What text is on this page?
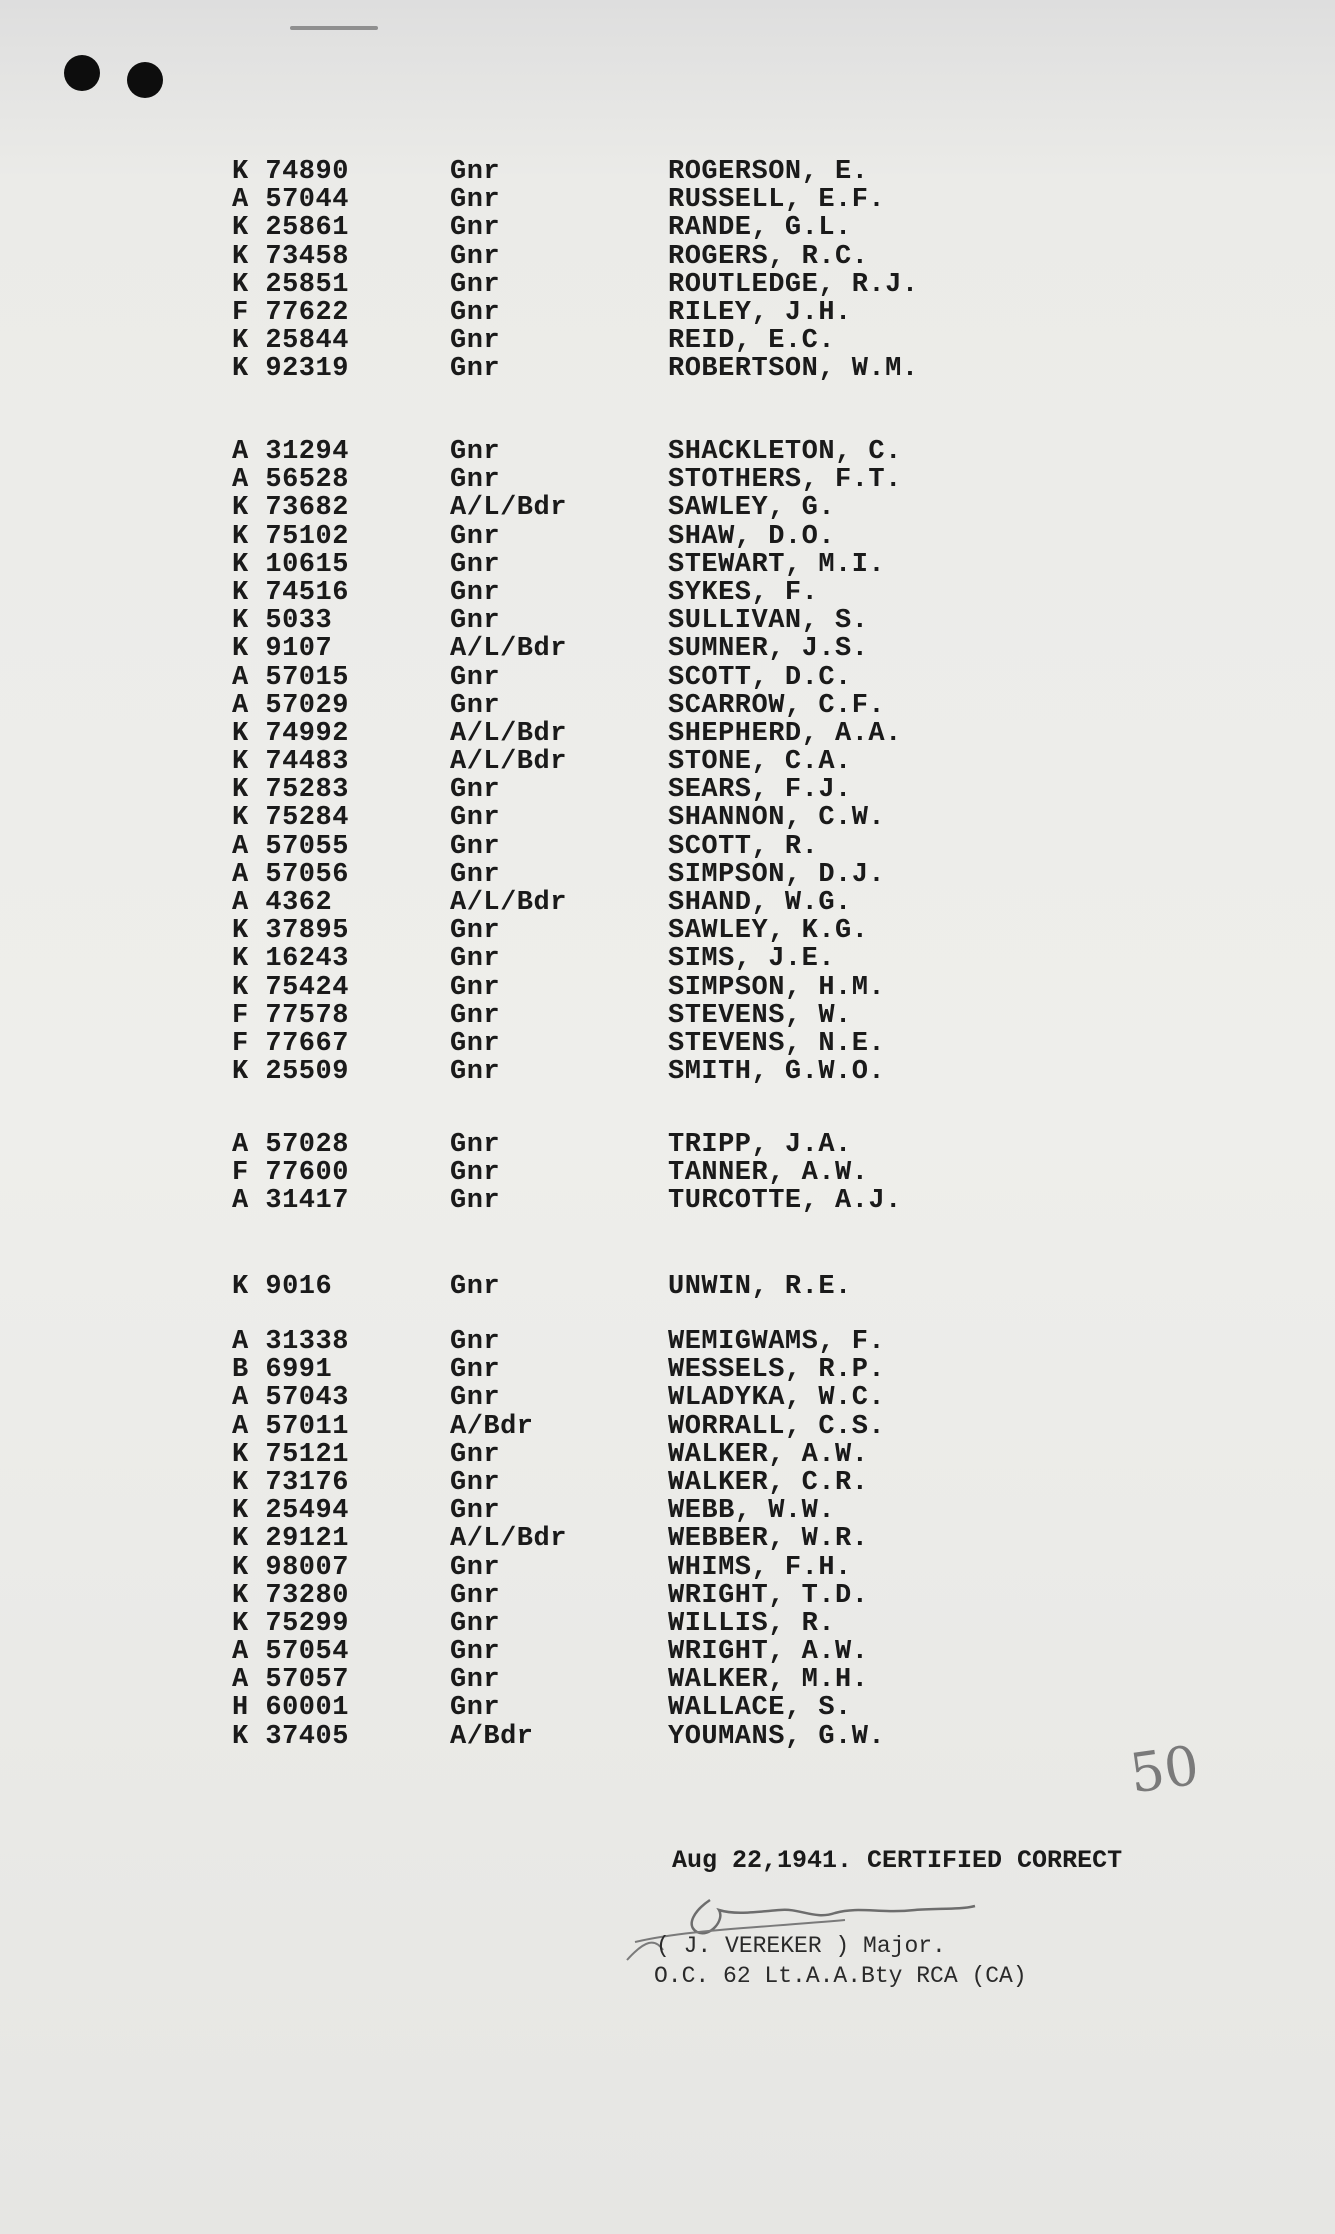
K 74890	Gnr	ROGERSON, E.
A 57044	Gnr	RUSSELL, E.F.
K 25861	Gnr	RANDE, G.L.
K 73458	Gnr	ROGERS, R.C.
K 25851	Gnr	ROUTLEDGE, R.J.
F 77622	Gnr	RILEY, J.H.
K 25844	Gnr	REID, E.C.
K 92319	Gnr	ROBERTSON, W.M.
A 31294	Gnr	SHACKLETON, C.
A 56528	Gnr	STOTHERS, F.T.
K 73682	A/L/Bdr	SAWLEY, G.
K 75102	Gnr	SHAW, D.O.
K 10615	Gnr	STEWART, M.I.
K 74516	Gnr	SYKES, F.
K 5033	Gnr	SULLIVAN, S.
K 9107	A/L/Bdr	SUMNER, J.S.
A 57015	Gnr	SCOTT, D.C.
A 57029	Gnr	SCARROW, C.F.
K 74992	A/L/Bdr	SHEPHERD, A.A.
K 74483	A/L/Bdr	STONE, C.A.
K 75283	Gnr	SEARS, F.J.
K 75284	Gnr	SHANNON, C.W.
A 57055	Gnr	SCOTT, R.
A 57056	Gnr	SIMPSON, D.J.
A 4362	A/L/Bdr	SHAND, W.G.
K 37895	Gnr	SAWLEY, K.G.
K 16243	Gnr	SIMS, J.E.
K 75424	Gnr	SIMPSON, H.M.
F 77578	Gnr	STEVENS, W.
F 77667	Gnr	STEVENS, N.E.
K 25509	Gnr	SMITH, G.W.O.
A 57028	Gnr	TRIPP, J.A.
F 77600	Gnr	TANNER, A.W.
A 31417	Gnr	TURCOTTE, A.J.
K 9016	Gnr	UNWIN, R.E.
A 31338	Gnr	WEMIGWAMS, F.
B 6991	Gnr	WESSELS, R.P.
A 57043	Gnr	WLADYKA, W.C.
A 57011	A/Bdr	WORRALL, C.S.
K 75121	Gnr	WALKER, A.W.
K 73176	Gnr	WALKER, C.R.
K 25494	Gnr	WEBB, W.W.
K 29121	A/L/Bdr	WEBBER, W.R.
K 98007	Gnr	WHIMS, F.H.
K 73280	Gnr	WRIGHT, T.D.
K 75299	Gnr	WILLIS, R.
A 57054	Gnr	WRIGHT, A.W.
A 57057	Gnr	WALKER, M.H.
H 60001	Gnr	WALLACE, S.
K 37405	A/Bdr	YOUMANS, G.W.	50
Aug 22,1941. CERTIFIED CORRECT
( J. VEREKER ) Major.
O.C. 62 Lt.A.A.Bty RCA (CA)
